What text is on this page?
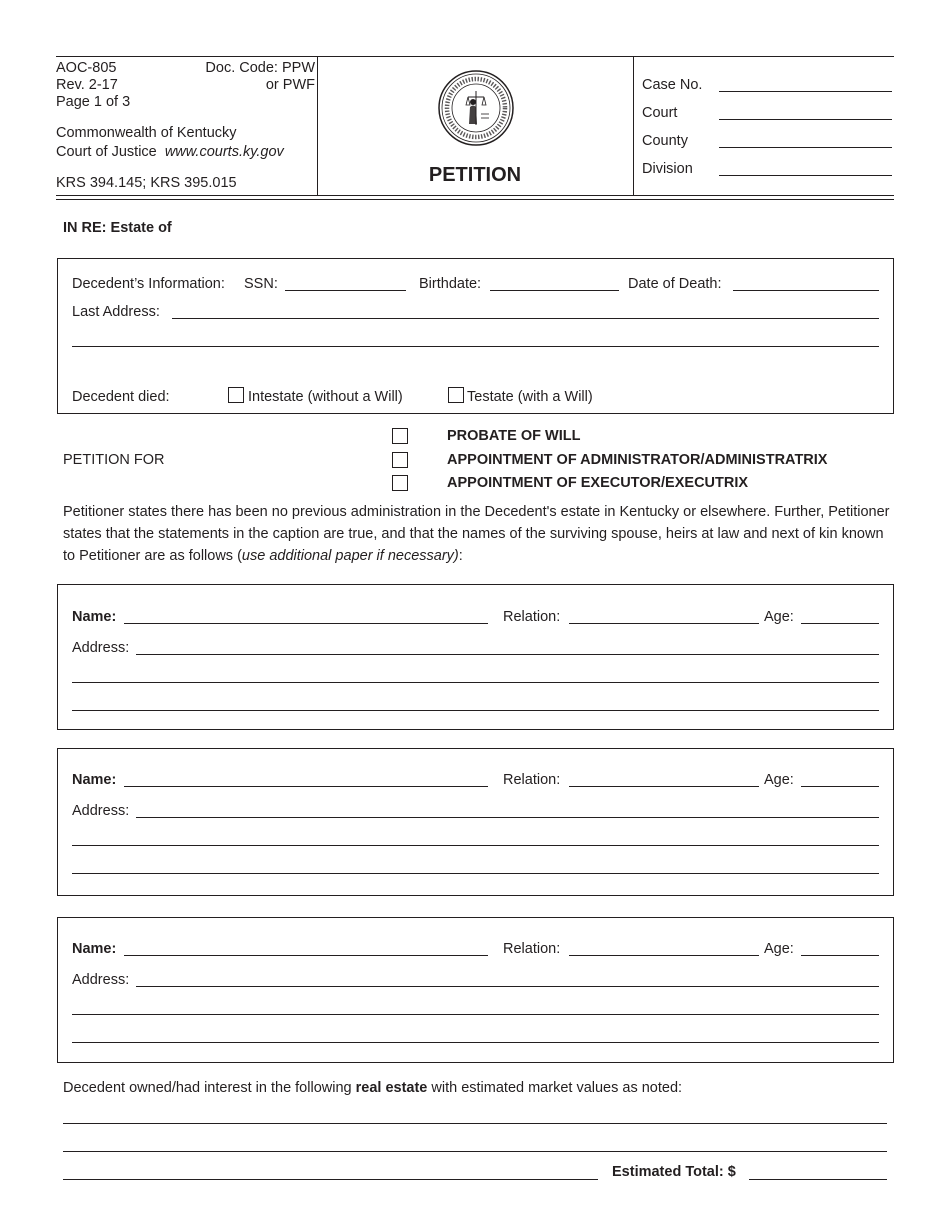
AOC-805
Rev. 2-17
Page 1 of 3
Doc. Code: PPW
or PWF
Commonwealth of Kentucky
Court of Justice www.courts.ky.gov
KRS 394.145; KRS 395.015	PETITION
Case No.
Court
County
Division
IN RE: Estate of
Decedent’s Information: SSN:	Birthdate:	Date of Death:
Last Address:
Decedent died:	Intestate (without a Will)	Testate (with a Will)
PETITION FOR
PROBATE OF WILL
APPOINTMENT OF ADMINISTRATOR/ADMINISTRATRIX
APPOINTMENT OF EXECUTOR/EXECUTRIX
Petitioner states there has been no previous administration in the Decedent's estate in Kentucky or elsewhere. Further, Petitioner states that the statements in the caption are true, and that the names of the surviving spouse, heirs at law and next of kin known to Petitioner are as follows (use additional paper if necessary):
Name:	Relation:	Age:
Address:
Name:	Relation:	Age:
Address:
Name:	Relation:	Age:
Address:
Decedent owned/had interest in the following real estate with estimated market values as noted:
Estimated Total: $
